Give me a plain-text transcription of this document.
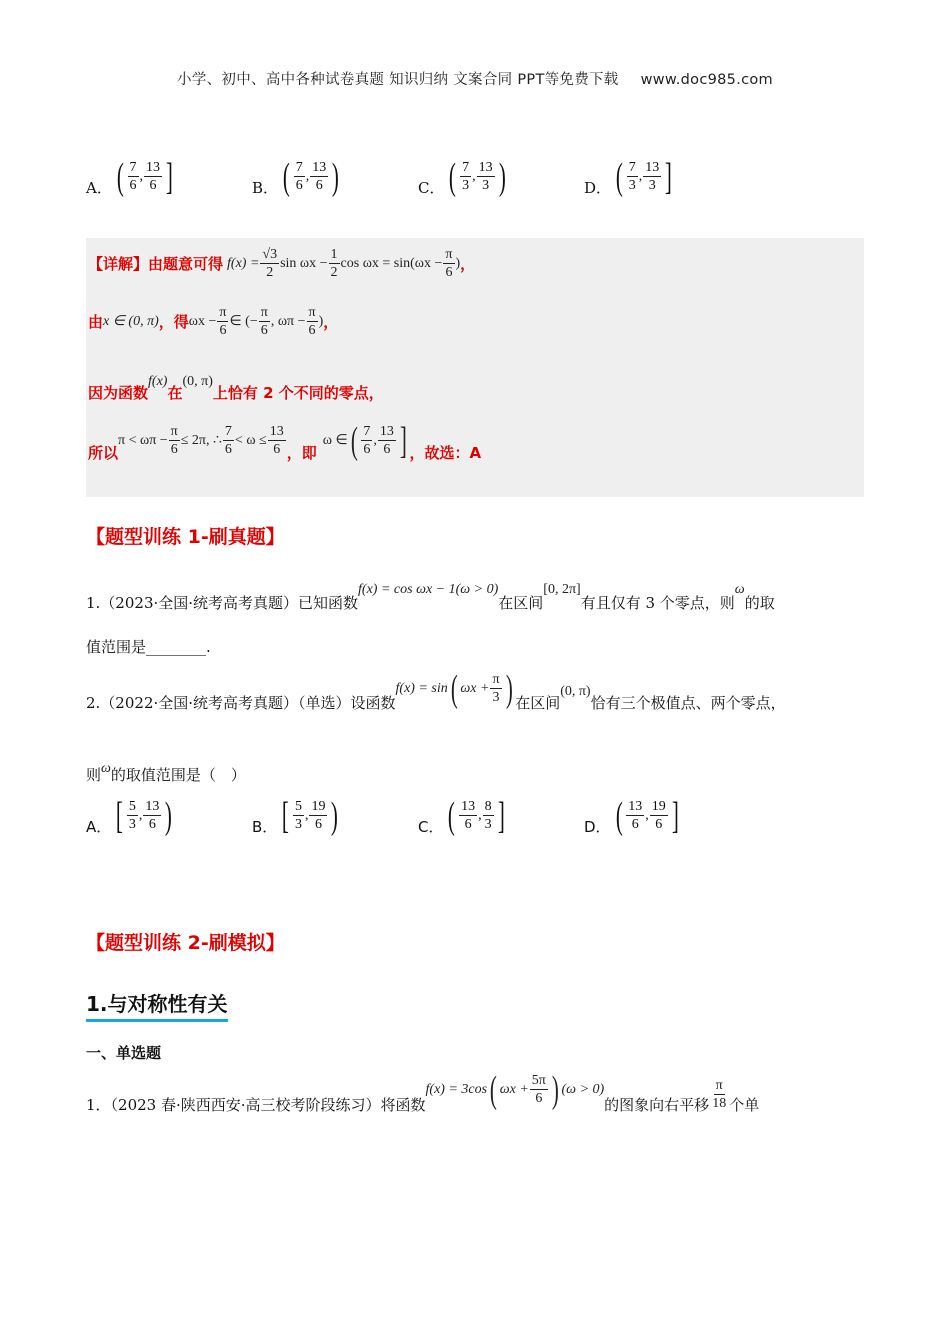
小学、初中、高中各种试卷真题 知识归纳 文案合同 PPT等免费下载 www.doc985.com
A． ( $\frac{7}{6}$ , $\frac{13}{6}$ ]	B． ( $\frac{7}{6}$ , $\frac{13}{6}$ )	C． ( $\frac{7}{3}$ , $\frac{13}{3}$ )	D． ( $\frac{7}{3}$ , $\frac{13}{3}$ ]
【详解】由题意可得 $f(x) = \frac{√3}{2}$ $\sin \omega x - \frac{1}{2}$ $\cos \omega x = \sin(\omega x - \frac{\pi}{6}$ ) ，
由 x ∈ (0, π) ，得 $\omega x - \frac{\pi}{6}$ ∈ (− $\frac{\pi}{6}$ , $\omega\pi - \frac{\pi}{6}$ ) ，
因为函数
f(x)
在
(0, π)
上恰有 2 个不同的零点，
所以
$\pi < \omega\pi - \frac{\pi}{6} \le 2\pi$, ∴ $\frac{7}{6} < \omega \le \frac{13}{6}$ ，即
ω ∈ ( $\frac{7}{6}$ , $\frac{13}{6}$ ] ，故选：A
【题型训练 1-刷真题】
1.（2023·全国·统考高考真题）已知函数
f(x) = cos ωx − 1(ω > 0)
在区间
[0, 2π]
有且仅有 3 个零点，则
ω
的取
值范围是________.
2.（2022·全国·统考高考真题）（单选）设函数
f(x) = sin ( $\omega x + \frac{\pi}{3}$ ) 在区间
(0, π)
恰有三个极值点、两个零点，
则 ω 的取值范围是（　）
A． [ $\frac{5}{3}$ , $\frac{13}{6}$ )	B． [ $\frac{5}{3}$ , $\frac{19}{6}$ )	C． ( $\frac{13}{6}$ , $\frac{8}{3}$ ]	D． ( $\frac{13}{6}$ , $\frac{19}{6}$ ]
【题型训练 2-刷模拟】
1.与对称性有关
一、单选题
1．（2023 春·陕西西安·高三校考阶段练习）将函数
f(x) = 3cos ( $\omega x + \frac{5\pi}{6}$ ) (ω > 0)
的图象向右平移 $\frac{\pi}{18}$ 个单
